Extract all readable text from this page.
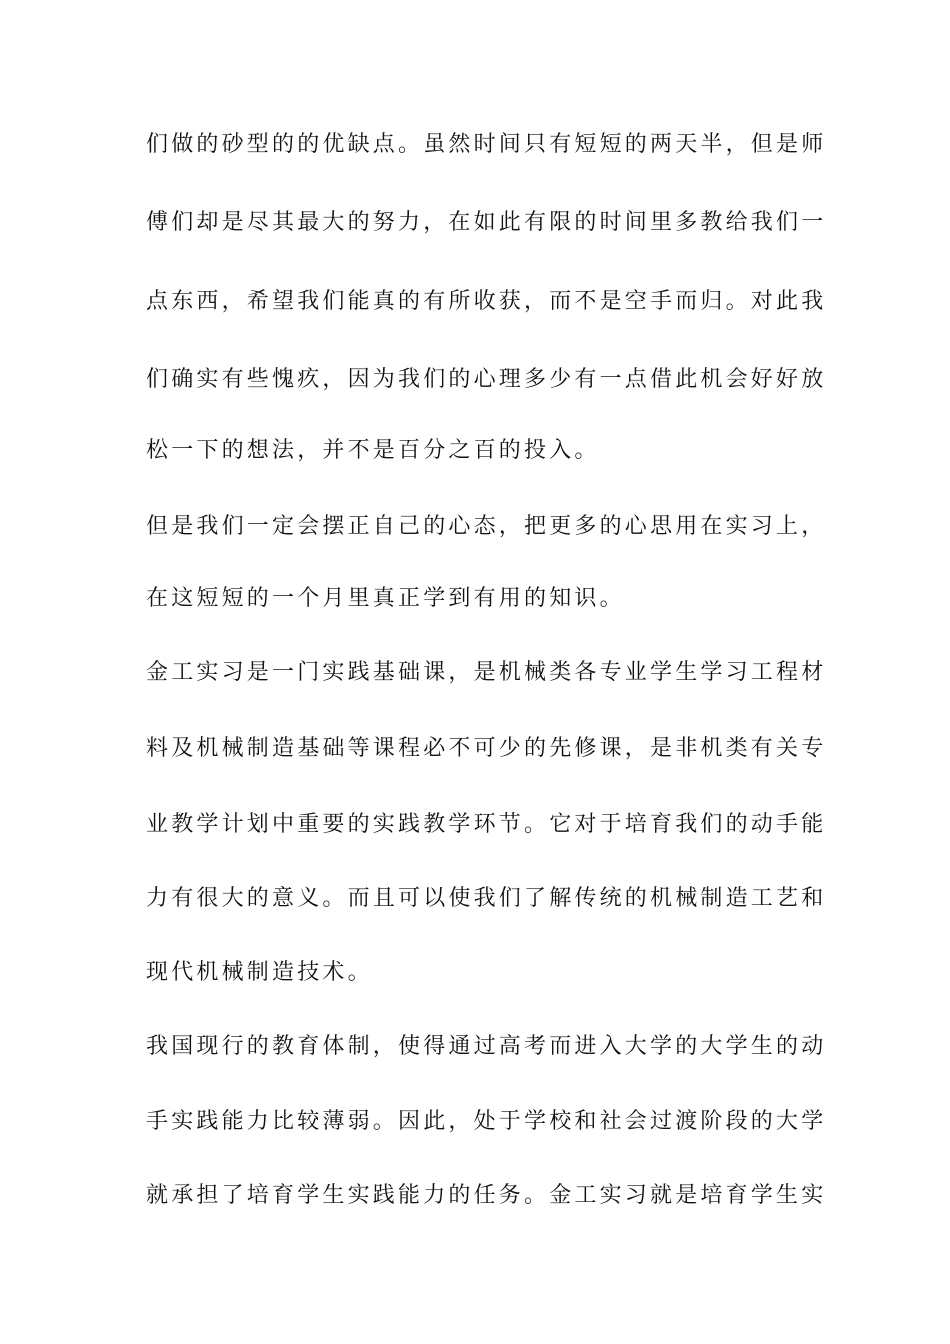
们做的砂型的的优缺点。虽然时间只有短短的两天半，但是师
傅们却是尽其最大的努力，在如此有限的时间里多教给我们一
点东西，希望我们能真的有所收获，而不是空手而归。对此我
们确实有些愧疚，因为我们的心理多少有一点借此机会好好放
松一下的想法，并不是百分之百的投入。
但是我们一定会摆正自己的心态，把更多的心思用在实习上，
在这短短的一个月里真正学到有用的知识。
金工实习是一门实践基础课，是机械类各专业学生学习工程材
料及机械制造基础等课程必不可少的先修课，是非机类有关专
业教学计划中重要的实践教学环节。它对于培育我们的动手能
力有很大的意义。而且可以使我们了解传统的机械制造工艺和
现代机械制造技术。
我国现行的教育体制，使得通过高考而进入大学的大学生的动
手实践能力比较薄弱。因此，处于学校和社会过渡阶段的大学
就承担了培育学生实践能力的任务。金工实习就是培育学生实
